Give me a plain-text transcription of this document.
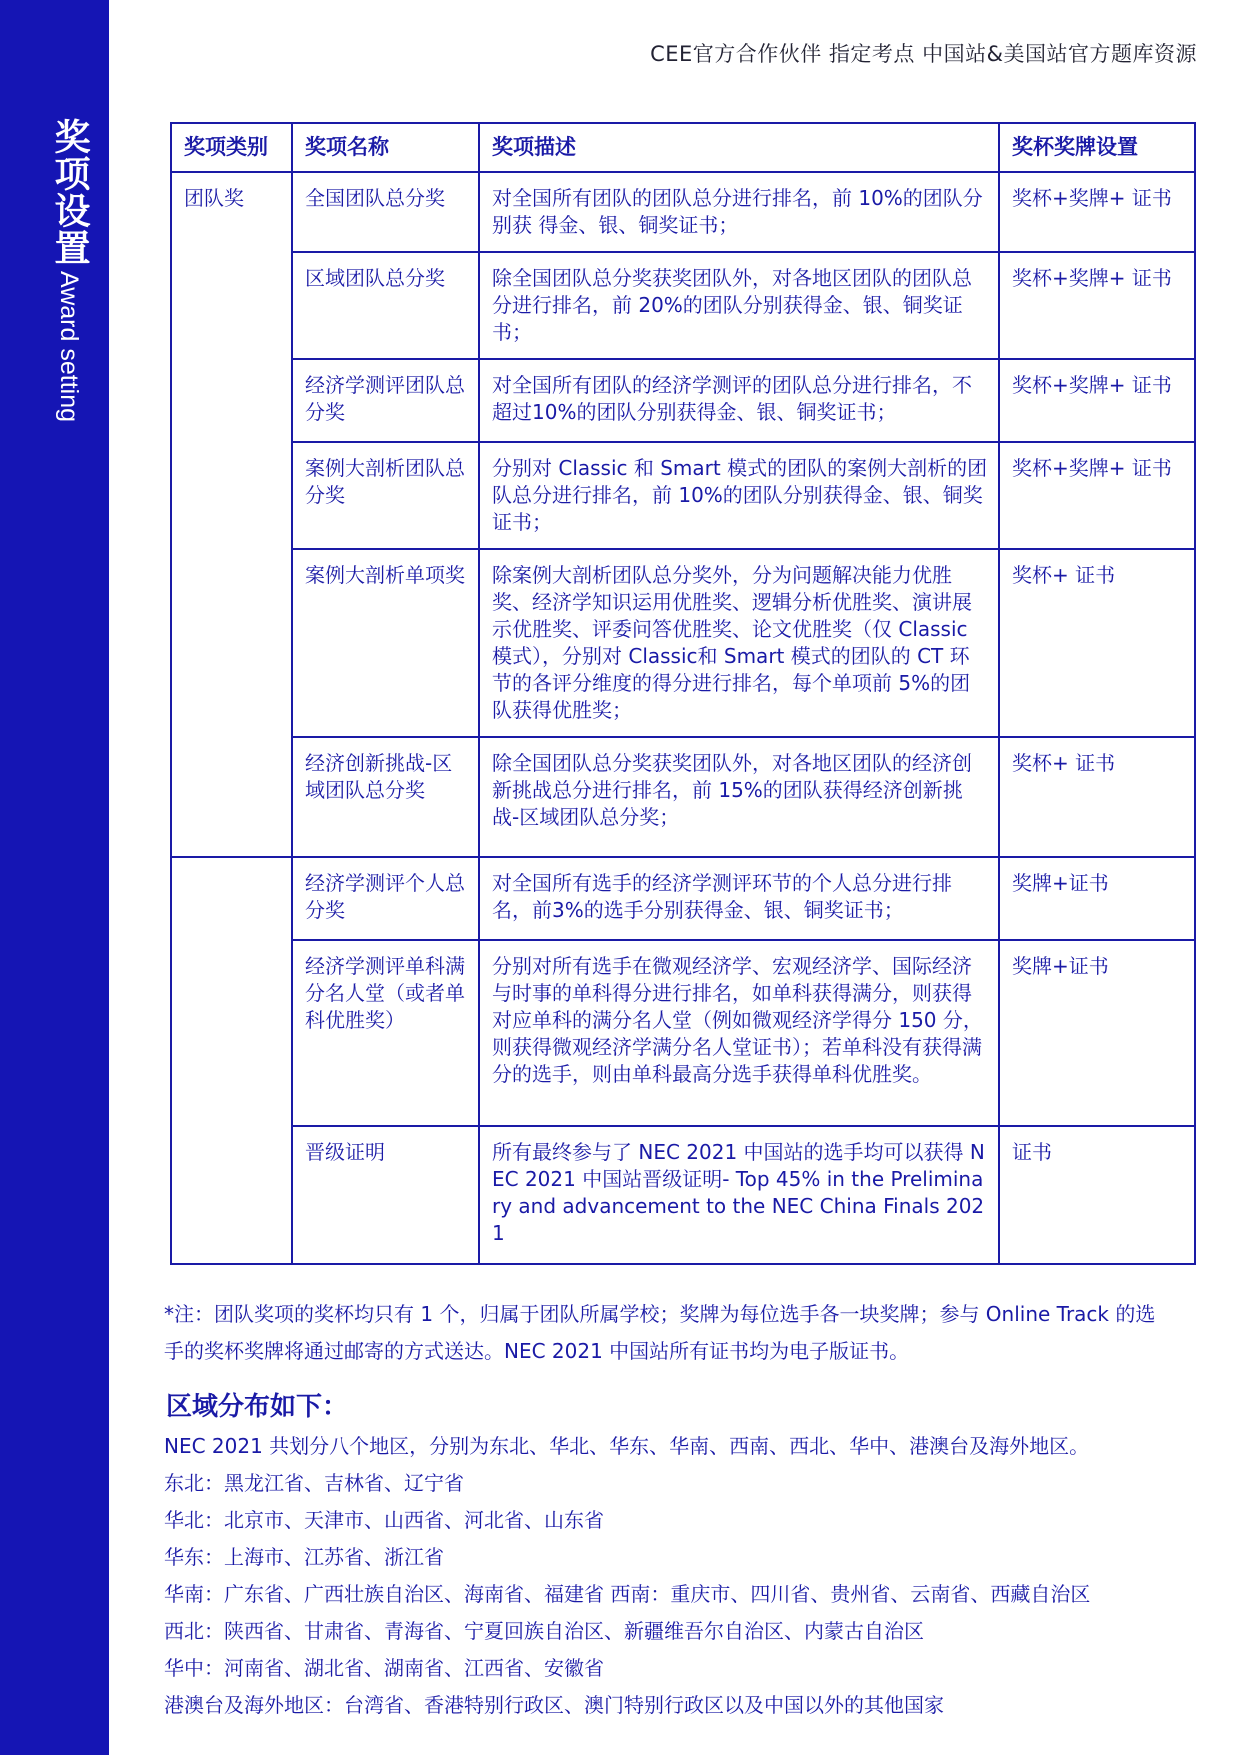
奖项设置 Award setting
CEE官方合作伙伴 指定考点 中国站&美国站官方题库资源
奖项类别	奖项名称	奖项描述	奖杯奖牌设置
团队奖	全国团队总分奖	对全国所有团队的团队总分进行排名，前 10%的团队分别获 得金、银、铜奖证书；	奖杯+奖牌+ 证书
	区域团队总分奖	除全国团队总分奖获奖团队外，对各地区团队的团队总分进行排名，前 20%的团队分别获得金、银、铜奖证书；	奖杯+奖牌+ 证书
	经济学测评团队总分奖	对全国所有团队的经济学测评的团队总分进行排名，不超过10%的团队分别获得金、银、铜奖证书；	奖杯+奖牌+ 证书
	案例大剖析团队总分奖	分别对 Classic 和 Smart 模式的团队的案例大剖析的团队总分进行排名，前 10%的团队分别获得金、银、铜奖证书；	奖杯+奖牌+ 证书
	案例大剖析单项奖	除案例大剖析团队总分奖外，分为问题解决能力优胜奖、经济学知识运用优胜奖、逻辑分析优胜奖、演讲展示优胜奖、评委问答优胜奖、论文优胜奖（仅 Classic 模式），分别对 Classic和 Smart 模式的团队的 CT 环节的各评分维度的得分进行排名，每个单项前 5%的团队获得优胜奖；	奖杯+ 证书
	经济创新挑战-区域团队总分奖	除全国团队总分奖获奖团队外，对各地区团队的经济创新挑战总分进行排名，前 15%的团队获得经济创新挑战-区域团队总分奖；	奖杯+ 证书
	经济学测评个人总分奖	对全国所有选手的经济学测评环节的个人总分进行排名，前3%的选手分别获得金、银、铜奖证书；	奖牌+证书
	经济学测评单科满分名人堂（或者单科优胜奖）	分别对所有选手在微观经济学、宏观经济学、国际经济与时事的单科得分进行排名，如单科获得满分，则获得对应单科的满分名人堂（例如微观经济学得分 150 分，则获得微观经济学满分名人堂证书）；若单科没有获得满分的选手，则由单科最高分选手获得单科优胜奖。	奖牌+证书
	晋级证明	所有最终参与了 NEC 2021 中国站的选手均可以获得 NEC 2021 中国站晋级证明- Top 45% in the Preliminary and advancement to the NEC China Finals 2021	证书
*注：团队奖项的奖杯均只有 1 个，归属于团队所属学校；奖牌为每位选手各一块奖牌；参与 Online Track 的选手的奖杯奖牌将通过邮寄的方式送达。NEC 2021 中国站所有证书均为电子版证书。
区域分布如下：
NEC 2021 共划分八个地区，分别为东北、华北、华东、华南、西南、西北、华中、港澳台及海外地区。
东北：黑龙江省、吉林省、辽宁省
华北：北京市、天津市、山西省、河北省、山东省
华东：上海市、江苏省、浙江省
华南：广东省、广西壮族自治区、海南省、福建省 西南：重庆市、四川省、贵州省、云南省、西藏自治区
西北：陕西省、甘肃省、青海省、宁夏回族自治区、新疆维吾尔自治区、内蒙古自治区
华中：河南省、湖北省、湖南省、江西省、安徽省
港澳台及海外地区：台湾省、香港特别行政区、澳门特别行政区以及中国以外的其他国家
